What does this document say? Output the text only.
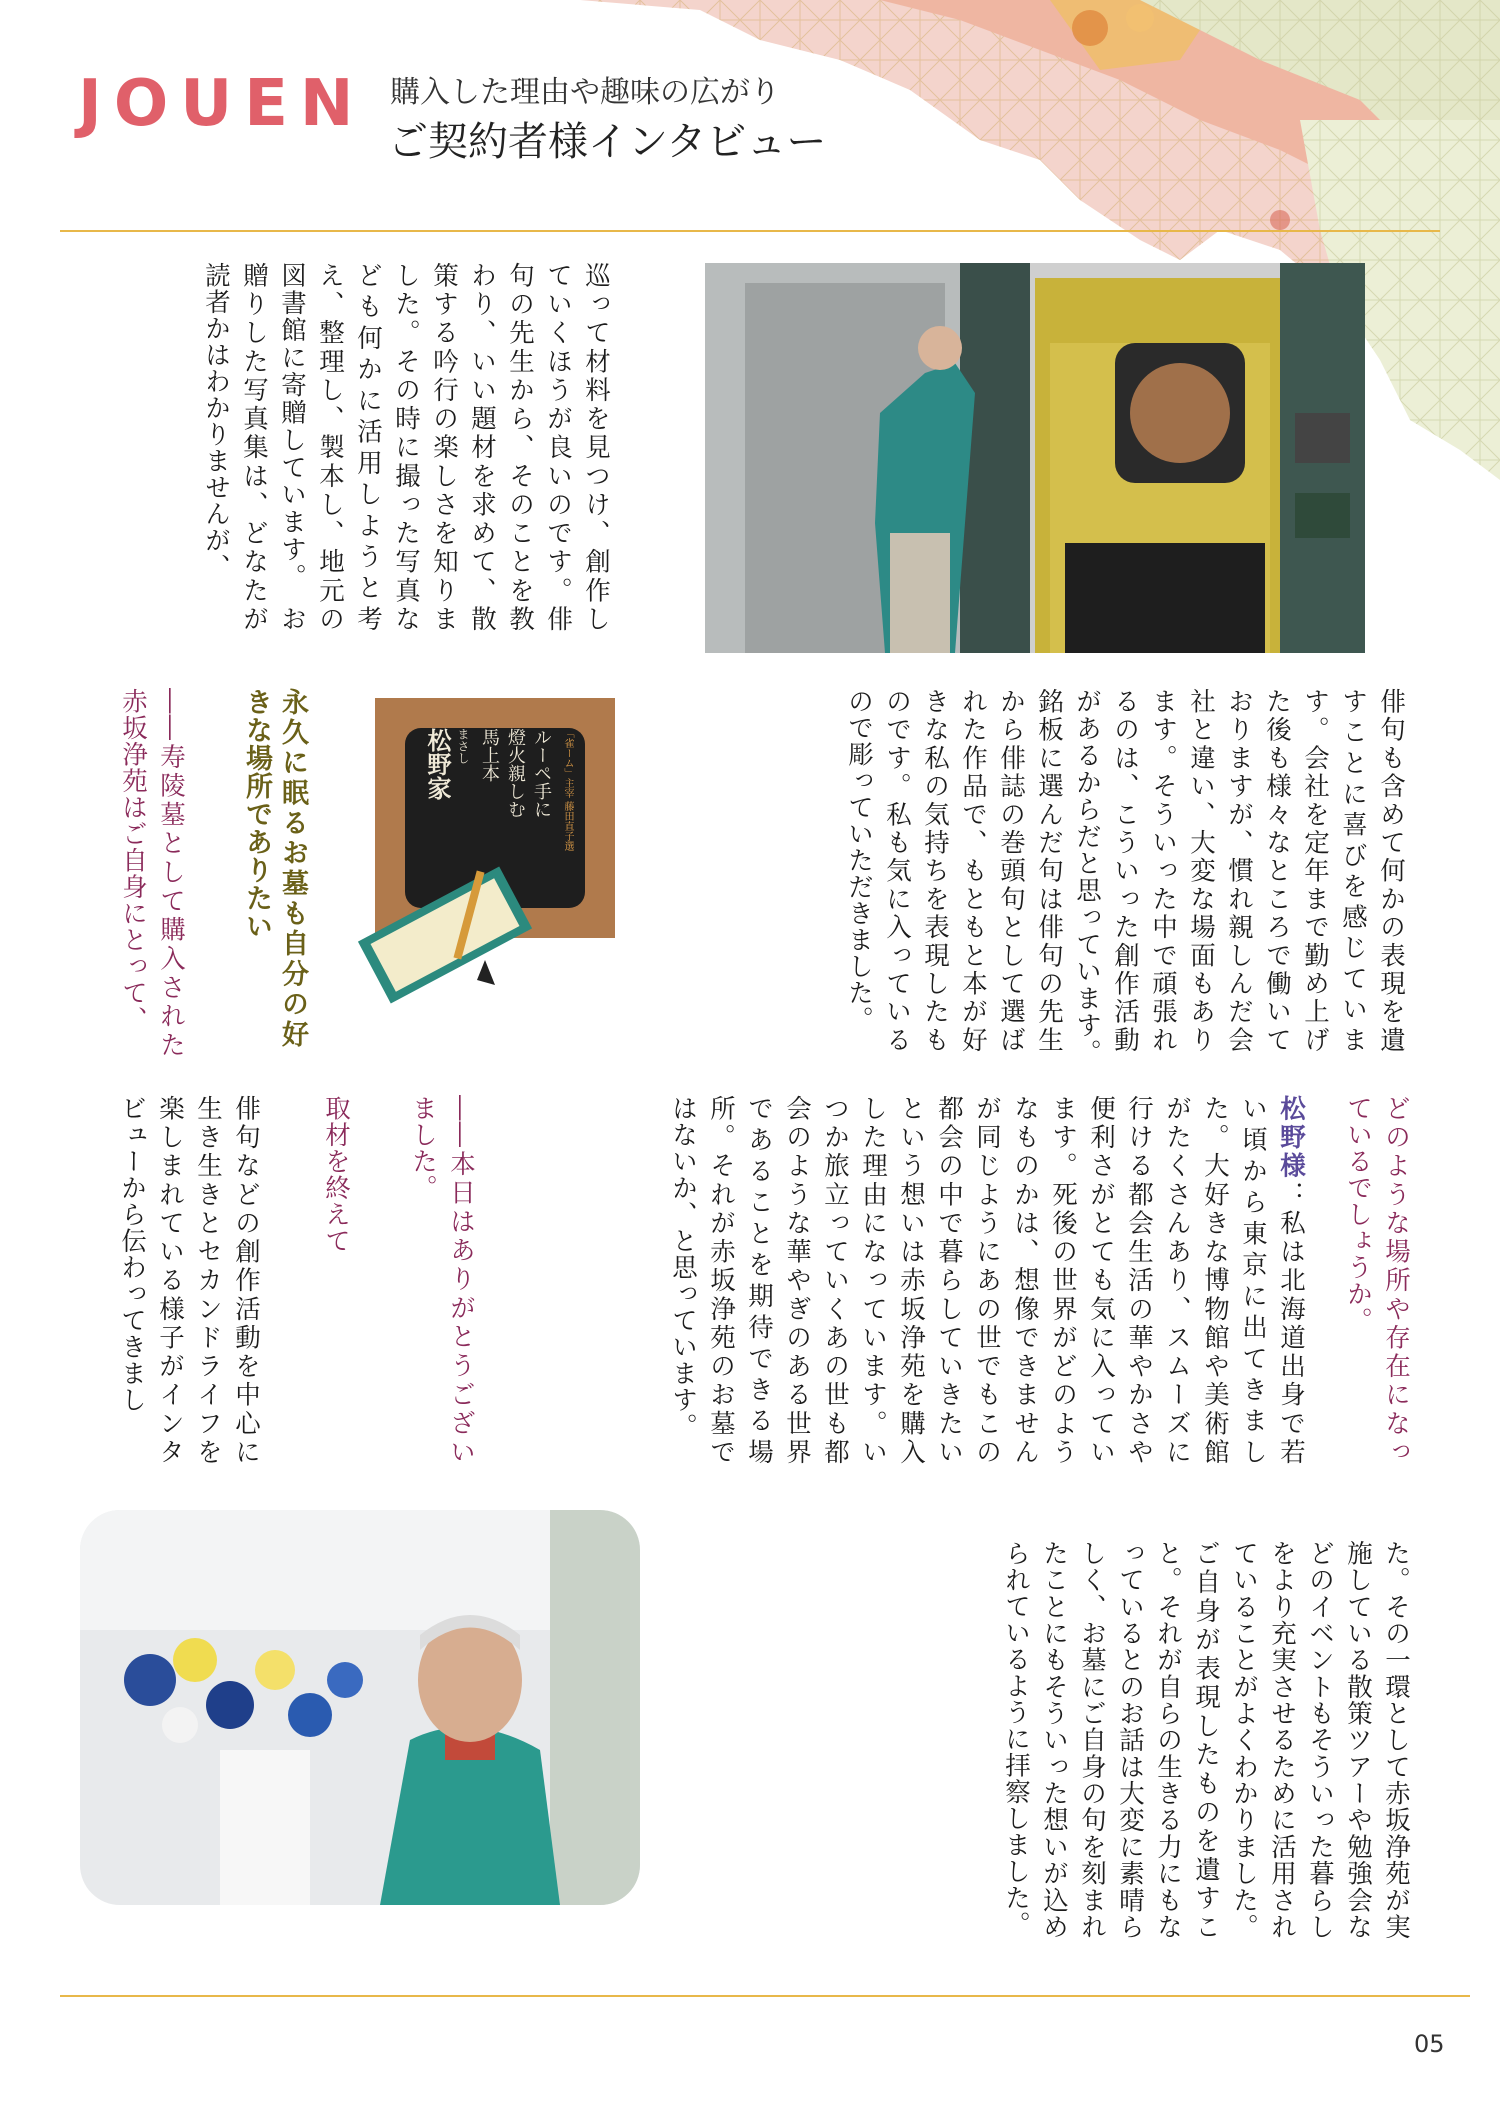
JOUEN 購入した理由や趣味の広がり
ご契約者様インタビュー
「雀ーム」主宰 藤田直子選
ルーペ手に
燈火親しむ
馬上本
まさし
松野家	俳句も含めて何かの表現を遺すことに喜びを感じています。会社を定年まで勤め上げた後も様々なところで働いておりますが、慣れ親しんだ会社と違い、大変な場面もあります。そういった中で頑張れるのは、こういった創作活動があるからだと思っています。　銘板に選んだ句は俳句の先生から俳誌の巻頭句として選ばれた作品で、もともと本が好きな私の気持ちを表現したものです。私も気に入っているので彫っていただきました。
巡って材料を見つけ、創作していくほうが良いのです。俳句の先生から、そのことを教わり、いい題材を求めて、散策する吟行の楽しさを知りました。その時に撮った写真なども何かに活用しようと考え、整理し、製本し、地元の図書館に寄贈しています。　お贈りした写真集は、どなたが読者かはわかりませんが、
永久に眠るお墓も自分の好きな場所でありたい
――寿陵墓として購入された赤坂浄苑はご自身にとって、
どのような場所や存在になっているでしょうか。
松野様：私は北海道出身で若い頃から東京に出てきました。大好きな博物館や美術館がたくさんあり、スムーズに行ける都会生活の華やかさや便利さがとても気に入っています。死後の世界がどのようなものかは、想像できませんが同じようにあの世でもこの都会の中で暮らしていきたいという想いは赤坂浄苑を購入した理由になっています。いつか旅立っていくあの世も都会のような華やぎのある世界であることを期待できる場所。それが赤坂浄苑のお墓ではないか、と思っています。
――本日はありがとうございました。
取材を終えて
俳句などの創作活動を中心に生き生きとセカンドライフを楽しまれている様子がインタビューから伝わってきまし
た。その一環として赤坂浄苑が実施している散策ツアーや勉強会などのイベントもそういった暮らしをより充実させるために活用されていることがよくわかりました。ご自身が表現したものを遺すこと。それが自らの生きる力にもなっているとのお話は大変に素晴らしく、お墓にご自身の句を刻まれたことにもそういった想いが込められているように拝察しました。
05
